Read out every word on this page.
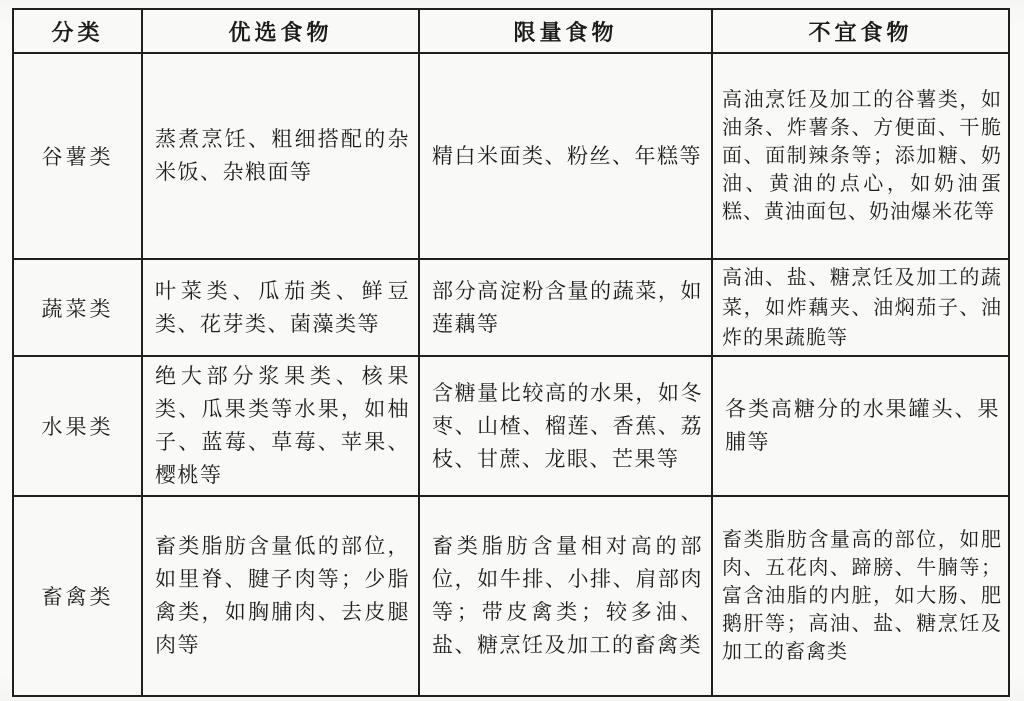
分类	优选食物	限量食物	不宜食物
谷薯类	蒸煮烹饪、粗细搭配的杂米饭、杂粮面等	精白米面类、粉丝、年糕等	高油烹饪及加工的谷薯类，如油条、炸薯条、方便面、干脆面、面制辣条等；添加糖、奶油、黄油的点心，如奶油蛋糕、黄油面包、奶油爆米花等
蔬菜类	叶菜类、瓜茄类、鲜豆类、花芽类、菌藻类等	部分高淀粉含量的蔬菜，如莲藕等	高油、盐、糖烹饪及加工的蔬菜，如炸藕夹、油焖茄子、油炸的果蔬脆等
水果类	绝大部分浆果类、核果类、瓜果类等水果，如柚子、蓝莓、草莓、苹果、樱桃等	含糖量比较高的水果，如冬枣、山楂、榴莲、香蕉、荔枝、甘蔗、龙眼、芒果等	各类高糖分的水果罐头、果脯等
畜禽类	畜类脂肪含量低的部位，如里脊、腱子肉等；少脂禽类，如胸脯肉、去皮腿肉等	畜类脂肪含量相对高的部位，如牛排、小排、肩部肉等；带皮禽类；较多油、盐、糖烹饪及加工的畜禽类	畜类脂肪含量高的部位，如肥肉、五花肉、蹄膀、牛腩等；富含油脂的内脏，如大肠、肥鹅肝等；高油、盐、糖烹饪及加工的畜禽类
